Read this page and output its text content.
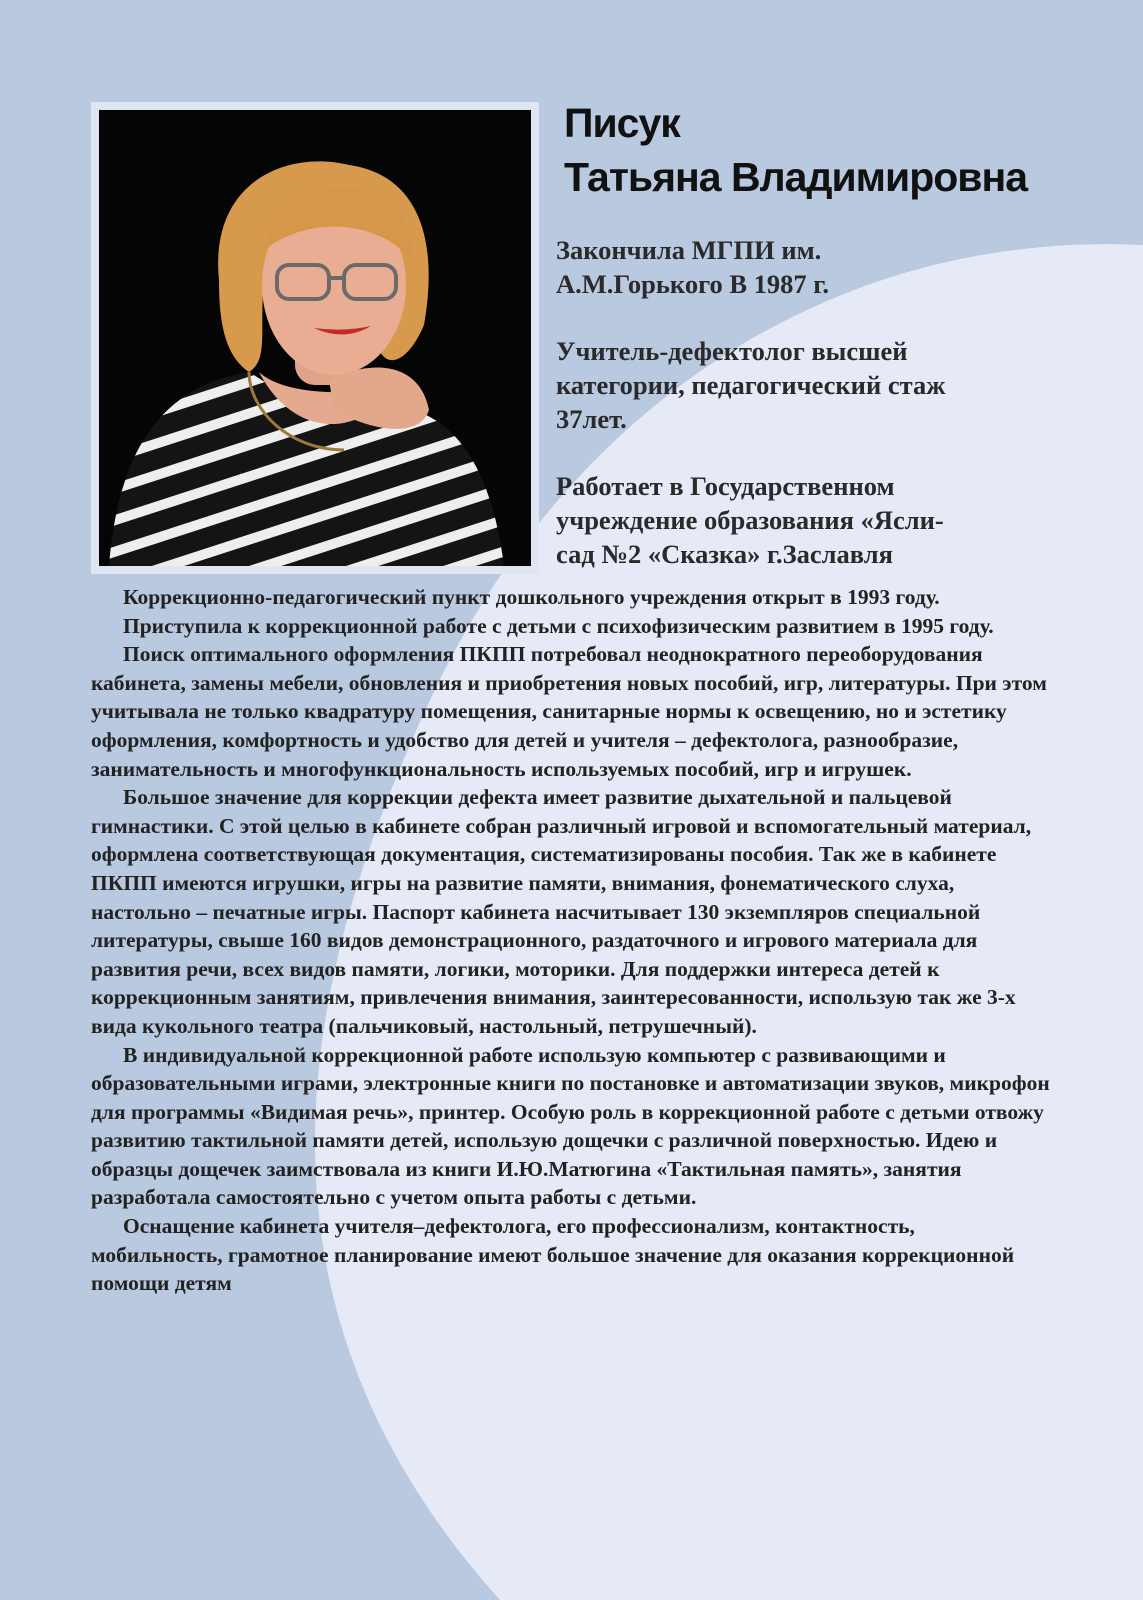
Писук
Татьяна Владимировна

Закончила МГПИ им.
А.М.Горького В 1987 г.

Учитель-дефектолог высшей
категории, педагогический стаж
37лет.

Работает в Государственном
учреждение образования «Ясли-
сад №2 «Сказка» г.Заславля

Коррекционно-педагогический пункт дошкольного учреждения открыт в 1993 году.

Приступила к коррекционной работе с детьми с психофизическим развитием в 1995 году.

Поиск оптимального оформления ПКПП потребовал неоднократного переоборудования кабинета, замены мебели, обновления и приобретения новых пособий, игр, литературы. При этом учитывала не только квадратуру помещения, санитарные нормы к освещению, но и эстетику оформления, комфортность и удобство для детей и учителя – дефектолога, разнообразие, занимательность и многофункциональность используемых пособий, игр и игрушек.

Большое значение для коррекции дефекта имеет развитие дыхательной и пальцевой гимнастики. С этой целью в кабинете собран различный игровой и вспомогательный материал, оформлена соответствующая документация, систематизированы пособия. Так же в кабинете ПКПП имеются игрушки, игры на развитие памяти, внимания, фонематического слуха, настольно – печатные игры. Паспорт кабинета насчитывает 130 экземпляров специальной литературы, свыше 160 видов демонстрационного, раздаточного и игрового материала для развития речи, всех видов памяти, логики, моторики. Для поддержки интереса детей к коррекционным занятиям, привлечения внимания, заинтересованности, использую так же 3-х вида кукольного театра (пальчиковый, настольный, петрушечный).

В индивидуальной коррекционной работе использую компьютер с развивающими и образовательными играми, электронные книги по постановке и автоматизации звуков, микрофон для программы «Видимая речь», принтер. Особую роль в коррекционной работе с детьми отвожу развитию тактильной памяти детей, использую дощечки с различной поверхностью. Идею и образцы дощечек заимствовала из книги И.Ю.Матюгина «Тактильная память», занятия разработала самостоятельно с учетом опыта работы с детьми.

Оснащение кабинета учителя–дефектолога, его профессионализм, контактность, мобильность, грамотное планирование имеют большое значение для оказания коррекционной помощи детям
